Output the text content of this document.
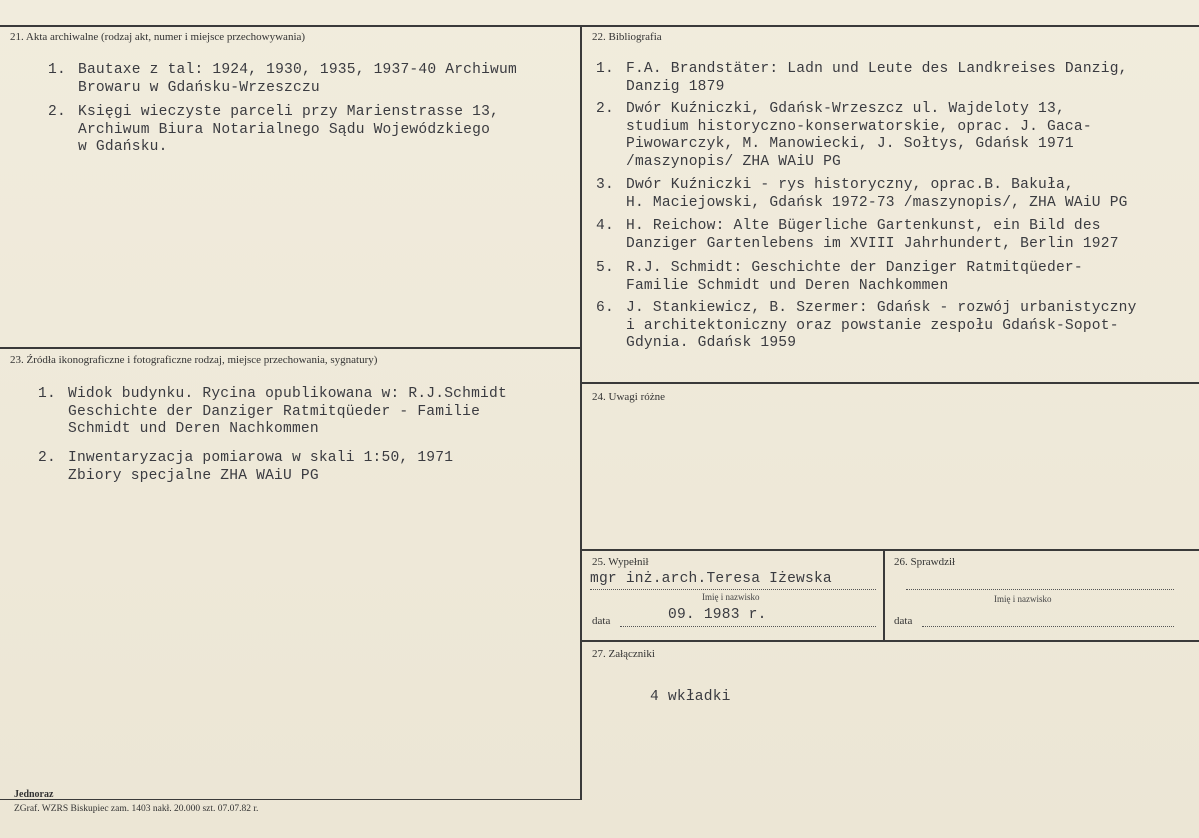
21. Akta archiwalne (rodzaj akt, numer i miejsce przechowywania)
1. Bautaxe z tal: 1924, 1930, 1935, 1937-40 Archiwum
Browaru w Gdańsku-Wrzeszczu
2. Księgi wieczyste parceli przy Marienstrasse 13,
Archiwum Biura Notarialnego Sądu Wojewódzkiego
w Gdańsku.
22. Bibliografia
1. F.A. Brandstäter: Ladn und Leute des Landkreises Danzig,
Danzig 1879
2. Dwór Kuźniczki, Gdańsk-Wrzeszcz ul. Wajdeloty 13,
studium historyczno-konserwatorskie, oprac. J. Gaca-
Piwowarczyk, M. Manowiecki, J. Sołtys, Gdańsk 1971
/maszynopis/ ZHA WAiU PG
3. Dwór Kuźniczki - rys historyczny, oprac.B. Bakuła,
H. Maciejowski, Gdańsk 1972-73 /maszynopis/, ZHA WAiU PG
4. H. Reichow: Alte Bügerliche Gartenkunst, ein Bild des
Danziger Gartenlebens im XVIII Jahrhundert, Berlin 1927
5. R.J. Schmidt: Geschichte der Danziger Ratmitqüeder-
Familie Schmidt und Deren Nachkommen
6. J. Stankiewicz, B. Szermer: Gdańsk - rozwój urbanistyczny
i architektoniczny oraz powstanie zespołu Gdańsk-Sopot-
Gdynia. Gdańsk 1959
23. Źródła ikonograficzne i fotograficzne rodzaj, miejsce przechowania, sygnatury)
1. Widok budynku. Rycina opublikowana w: R.J.Schmidt
Geschichte der Danziger Ratmitqüeder - Familie
Schmidt und Deren Nachkommen
2. Inwentaryzacja pomiarowa w skali 1:50, 1971
Zbiory specjalne ZHA WAiU PG
24. Uwagi różne
25. Wypełnił
mgr inż.arch.Teresa Iżewska
Imię i nazwisko
data	09. 1983 r.
26. Sprawdził
Imię i nazwisko
data
27. Załączniki
4 wkładki
Jednoraz
ZGraf. WZRS Biskupiec zam. 1403 nakł. 20.000 szt. 07.07.82 r.
